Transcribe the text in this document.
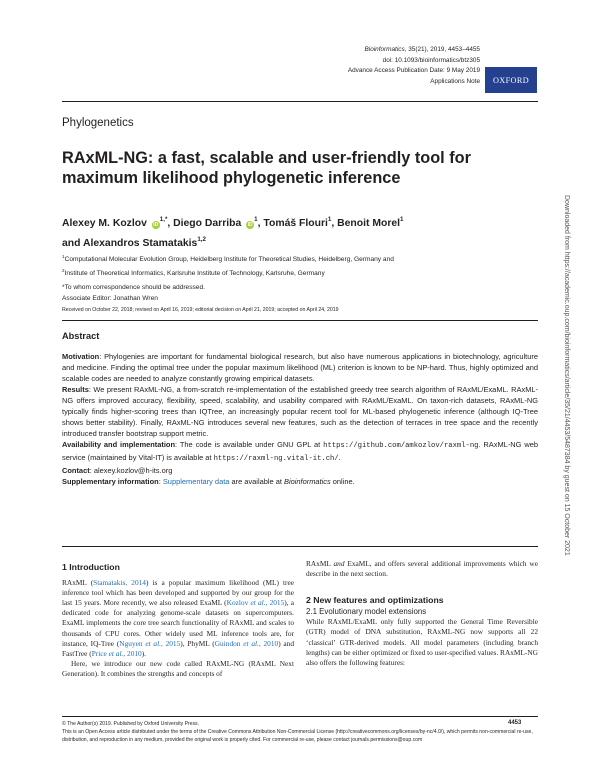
Bioinformatics, 35(21), 2019, 4453–4455
doi: 10.1093/bioinformatics/btz305
Advance Access Publication Date: 9 May 2019
Applications Note OXFORD
Phylogenetics
RAxML-NG: a fast, scalable and user-friendly tool for maximum likelihood phylogenetic inference
Alexey M. Kozlov $iD^{1,*}$, Diego Darriba $iD^1$, Tomáš Flouri$^1$, Benoit Morel$^1$
and Alexandros Stamatakis$^{1,2}$
$^1$Computational Molecular Evolution Group, Heidelberg Institute for Theoretical Studies, Heidelberg, Germany and
$^2$Institute of Theoretical Informatics, Karlsruhe Institute of Technology, Karlsruhe, Germany
*To whom correspondence should be addressed.
Associate Editor: Jonathan Wren
Received on October 22, 2018; revised on April 16, 2019; editorial decision on April 21, 2019; accepted on April 24, 2019
Abstract

Motivation: Phylogenies are important for fundamental biological research, but also have numerous applications in biotechnology, agriculture and medicine. Finding the optimal tree under the popular maximum likelihood (ML) criterion is known to be NP-hard. Thus, highly optimized and scalable codes are needed to analyze constantly growing empirical datasets.

Results: We present RAxML-NG, a from-scratch re-implementation of the established greedy tree search algorithm of RAxML/ExaML. RAxML-NG offers improved accuracy, flexibility, speed, scalability, and usability compared with RAxML/ExaML. On taxon-rich datasets, RAxML-NG typically finds higher-scoring trees than IQTree, an increasingly popular recent tool for ML-based phylogenetic inference (although IQ-Tree shows better stability). Finally, RAxML-NG introduces several new features, such as the detection of terraces in tree space and the recently introduced transfer bootstrap support metric.

Availability and implementation: The code is available under GNU GPL at https://github.com/amkozlov/raxml-ng. RAxML-NG web service (maintained by Vital-IT) is available at https://raxml-ng.vital-it.ch/.

Contact: alexey.kozlov@h-its.org

Supplementary information: Supplementary data are available at Bioinformatics online.

1 Introduction

RAxML (Stamatakis, 2014) is a popular maximum likelihood (ML) tree inference tool which has been developed and supported by our group for the last 15 years. More recently, we also released ExaML (Kozlov et al., 2015), a dedicated code for analyzing genome-scale datasets on supercomputers. ExaML implements the core tree search functionality of RAxML and scales to thousands of CPU cores. Other widely used ML inference tools are, for instance, IQ-Tree (Nguyen et al., 2015), PhyML (Guindon et al., 2010) and FastTree (Price et al., 2010).

Here, we introduce our new code called RAxML-NG (RAxML Next Generation). It combines the strengths and concepts of

RAxML and ExaML, and offers several additional improvements which we describe in the next section.

2 New features and optimizations
2.1 Evolutionary model extensions

While RAxML/ExaML only fully supported the General Time Reversible (GTR) model of DNA substitution, RAxML-NG now supports all 22 ‘classical’ GTR-derived models. All model parameters (including branch lengths) can be either optimized or fixed to user-specified values. RAxML-NG also offers the following features:

© The Author(s) 2019. Published by Oxford University Press.
This is an Open Access article distributed under the terms of the Creative Commons Attribution Non-Commercial License (http://creativecommons.org/licenses/by-nc/4.0/), which permits non-commercial re-use, distribution, and reproduction in any medium, provided the original work is properly cited. For commercial re-use, please contact journals.permissions@oup.com
4453
Downloaded from https://academic.oup.com/bioinformatics/article/35/21/4453/5487384 by guest on 15 October 2021
